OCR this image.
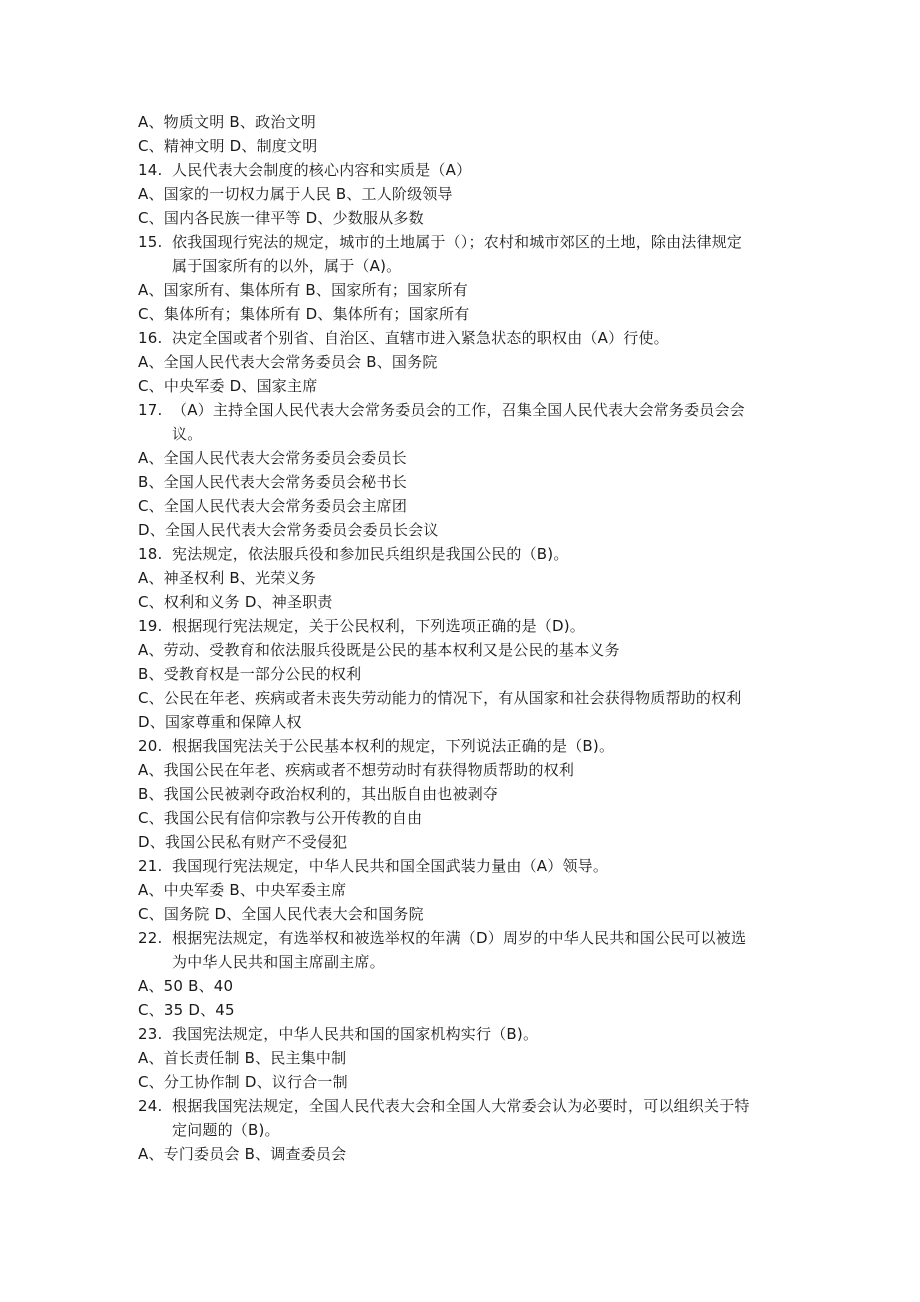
A、物质文明 B、政治文明
C、精神文明 D、制度文明
14. 人民代表大会制度的核心内容和实质是（A）
A、国家的一切权力属于人民 B、工人阶级领导
C、国内各民族一律平等 D、少数服从多数
15. 依我国现行宪法的规定，城市的土地属于（）；农村和城市郊区的土地，除由法律规定
属于国家所有的以外，属于（A)。
A、国家所有、集体所有 B、国家所有；国家所有
C、集体所有；集体所有 D、集体所有；国家所有
16. 决定全国或者个别省、自治区、直辖市进入紧急状态的职权由（A）行使。
A、全国人民代表大会常务委员会 B、国务院
C、中央军委 D、国家主席
17. （A）主持全国人民代表大会常务委员会的工作，召集全国人民代表大会常务委员会会
议。
A、全国人民代表大会常务委员会委员长
B、全国人民代表大会常务委员会秘书长
C、全国人民代表大会常务委员会主席团
D、全国人民代表大会常务委员会委员长会议
18. 宪法规定，依法服兵役和参加民兵组织是我国公民的（B)。
A、神圣权利 B、光荣义务
C、权利和义务 D、神圣职责
19. 根据现行宪法规定，关于公民权利，下列选项正确的是（D)。
A、劳动、受教育和依法服兵役既是公民的基本权利又是公民的基本义务
B、受教育权是一部分公民的权利
C、公民在年老、疾病或者未丧失劳动能力的情况下，有从国家和社会获得物质帮助的权利
D、国家尊重和保障人权
20. 根据我国宪法关于公民基本权利的规定，下列说法正确的是（B)。
A、我国公民在年老、疾病或者不想劳动时有获得物质帮助的权利
B、我国公民被剥夺政治权利的，其出版自由也被剥夺
C、我国公民有信仰宗教与公开传教的自由
D、我国公民私有财产不受侵犯
21. 我国现行宪法规定，中华人民共和国全国武装力量由（A）领导。
A、中央军委 B、中央军委主席
C、国务院 D、全国人民代表大会和国务院
22. 根据宪法规定，有选举权和被选举权的年满（D）周岁的中华人民共和国公民可以被选
为中华人民共和国主席副主席。
A、50 B、40
C、35 D、45
23. 我国宪法规定，中华人民共和国的国家机构实行（B)。
A、首长责任制 B、民主集中制
C、分工协作制 D、议行合一制
24. 根据我国宪法规定，全国人民代表大会和全国人大常委会认为必要时，可以组织关于特
定问题的（B)。
A、专门委员会 B、调查委员会
